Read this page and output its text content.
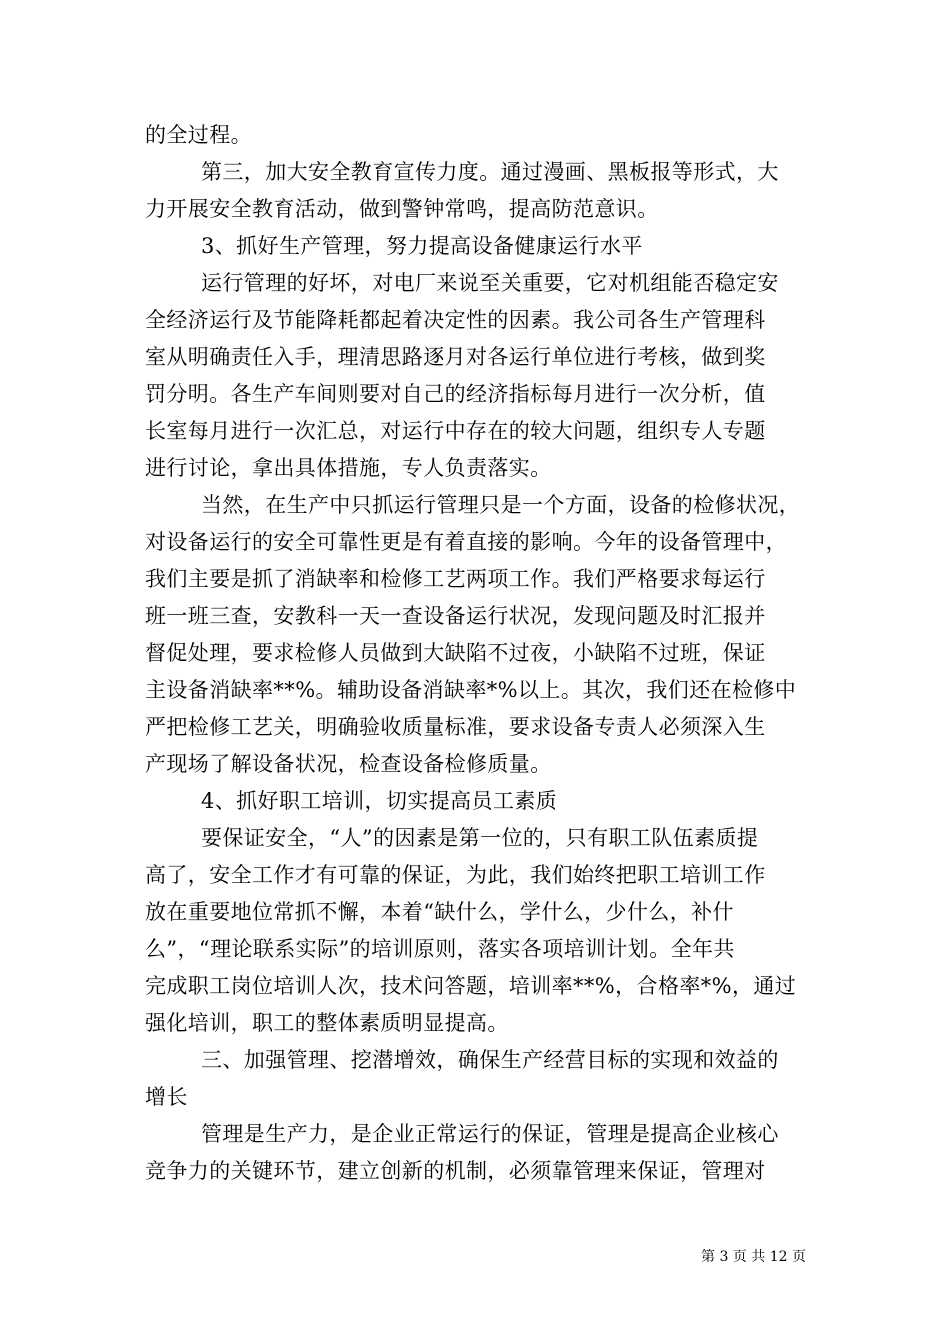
的全过程。
第三，加大安全教育宣传力度。通过漫画、黑板报等形式，大
力开展安全教育活动，做到警钟常鸣，提高防范意识。
3、抓好生产管理，努力提高设备健康运行水平
运行管理的好坏，对电厂来说至关重要，它对机组能否稳定安
全经济运行及节能降耗都起着决定性的因素。我公司各生产管理科
室从明确责任入手，理清思路逐月对各运行单位进行考核，做到奖
罚分明。各生产车间则要对自己的经济指标每月进行一次分析，值
长室每月进行一次汇总，对运行中存在的较大问题，组织专人专题
进行讨论，拿出具体措施，专人负责落实。
当然，在生产中只抓运行管理只是一个方面，设备的检修状况，
对设备运行的安全可靠性更是有着直接的影响。今年的设备管理中，
我们主要是抓了消缺率和检修工艺两项工作。我们严格要求每运行
班一班三查，安教科一天一查设备运行状况，发现问题及时汇报并
督促处理，要求检修人员做到大缺陷不过夜，小缺陷不过班，保证
主设备消缺率**%。辅助设备消缺率*%以上。其次，我们还在检修中
严把检修工艺关，明确验收质量标准，要求设备专责人必须深入生
产现场了解设备状况，检查设备检修质量。
4、抓好职工培训，切实提高员工素质
要保证安全，“人”的因素是第一位的，只有职工队伍素质提
高了，安全工作才有可靠的保证，为此，我们始终把职工培训工作
放在重要地位常抓不懈，本着“缺什么，学什么，少什么，补什
么”，“理论联系实际”的培训原则，落实各项培训计划。全年共
完成职工岗位培训人次，技术问答题，培训率**%，合格率*%，通过
强化培训，职工的整体素质明显提高。
三、加强管理、挖潜增效，确保生产经营目标的实现和效益的
增长
管理是生产力，是企业正常运行的保证，管理是提高企业核心
竞争力的关键环节，建立创新的机制，必须靠管理来保证，管理对
第 3 页 共 12 页
